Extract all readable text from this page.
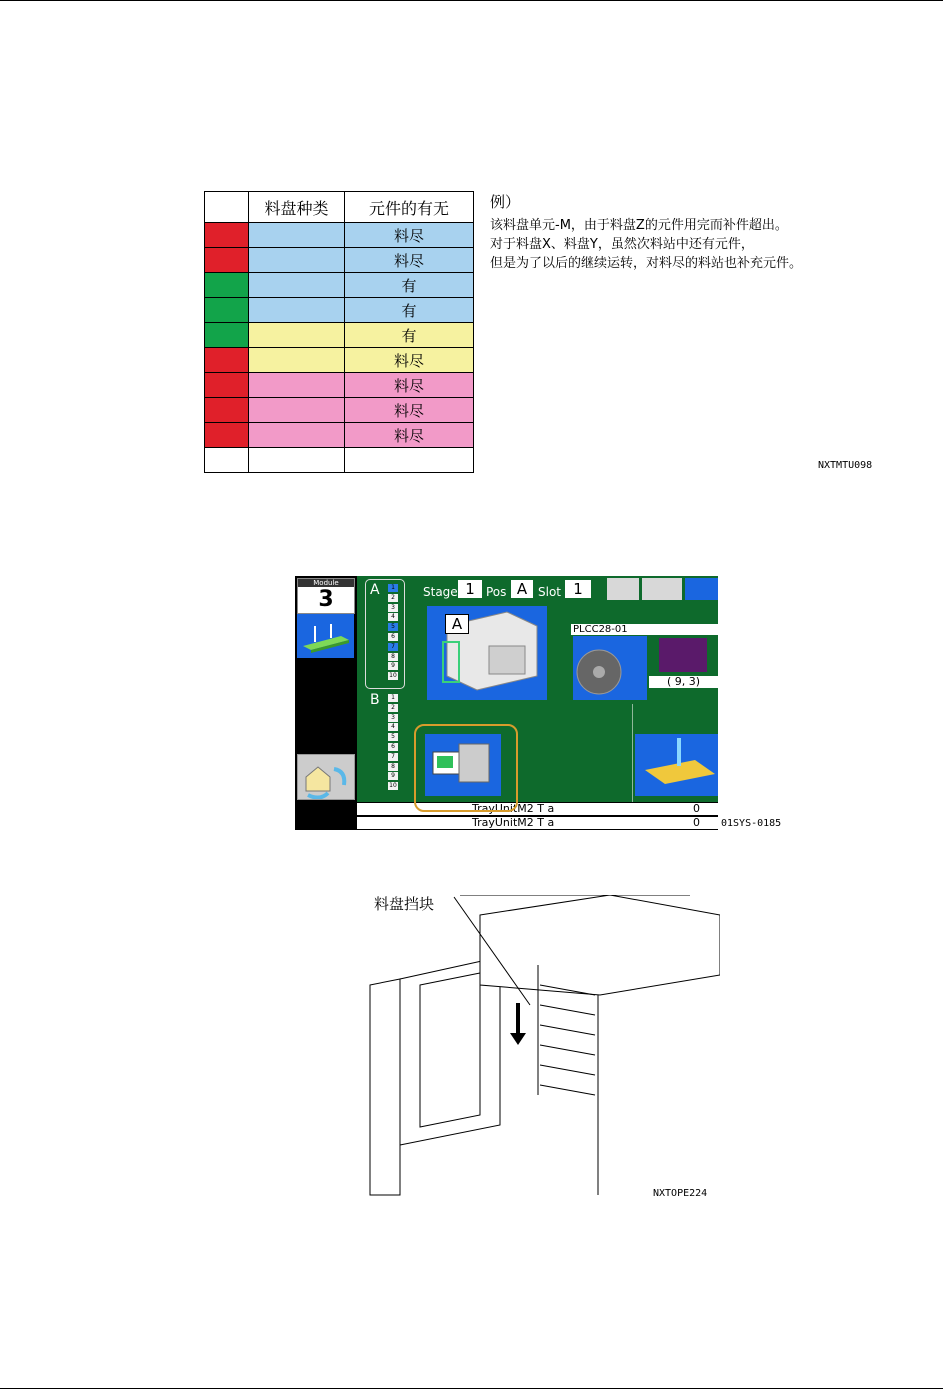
	料盘种类	元件的有无
		料尽
		料尽
		有
		有
		有
		料尽
		料尽
		料尽
		料尽

例）
该料盘单元-M，由于料盘Z的元件用完而补件超出。
对于料盘X、料盘Y，虽然次料站中还有元件，
但是为了以后的继续运转，对料尽的料站也补充元件。
NXTMTU098
Module
3	A	1
2
3
4
5
6
7
8
9
10
B	1
2
3
4
5
6
7
8
9
10
Stage 1 Pos A Slot 1
A	PLCC28-01
( 9, 3)
TrayUnitM2 T a	0
TrayUnitM2 T a	0 01SYS-0185
料盘挡块
NXTOPE224
